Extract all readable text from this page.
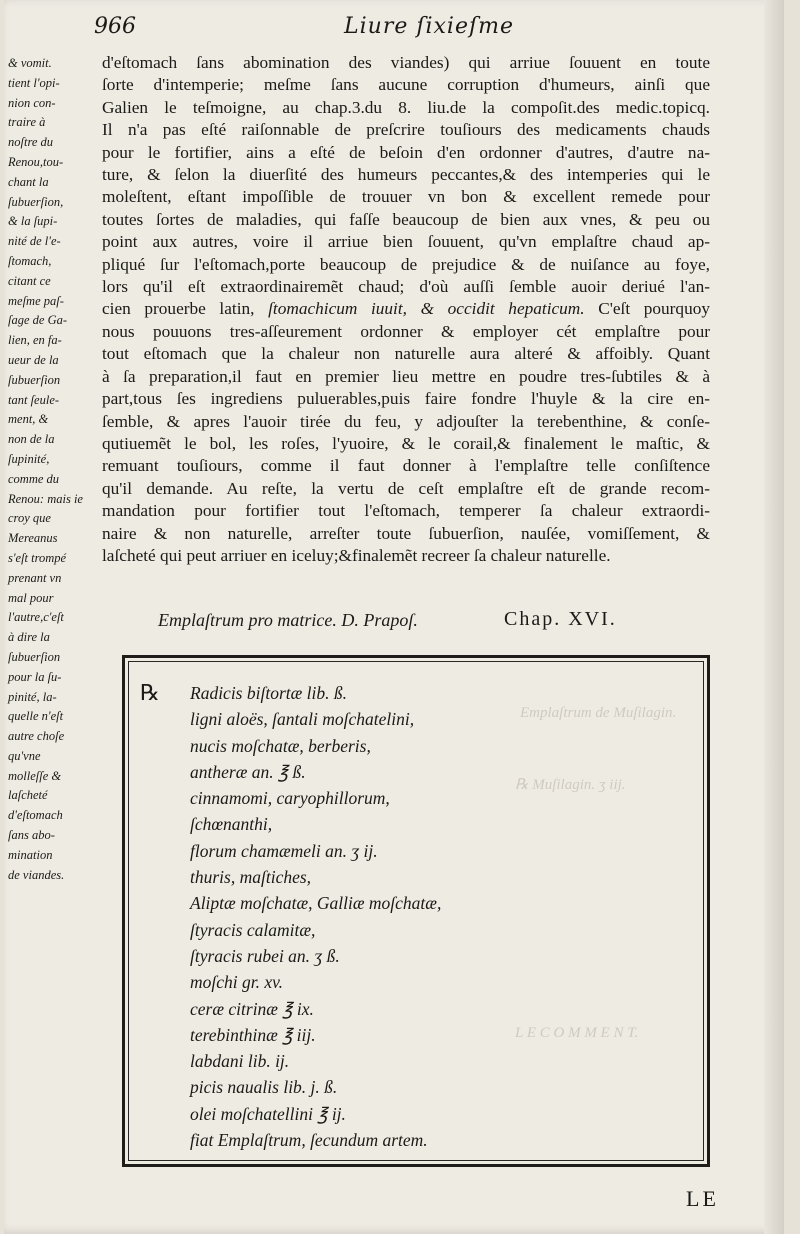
966	Liure ſixieſme
& vomit.
tient l'opi-
nion con-
traire à
noſtre du
Renou,tou-
chant la
ſubuerſion,
& la ſupi-
nité de l'e-
ſtomach,
citant ce
meſme paſ-
ſage de Ga-
lien, en fa-
ueur de la
ſubuerſion
tant ſeule-
ment, &
non de la
ſupinité,
comme du
Renou: mais ie
croy que
Mereanus
s'eſt trompé
prenant vn
mal pour
l'autre,c'eſt
à dire la
ſubuerſion
pour la ſu-
pinité, la-
quelle n'eſt
autre choſe
qu'vne
molleſſe &
laſcheté
d'eſtomach
ſans abo-
mination
de viandes.
d'eſtomach ſans abomination des viandes) qui arriue ſouuent en toute
ſorte d'intemperie; meſme ſans aucune corruption d'humeurs, ainſi que
Galien le teſmoigne, au chap.3.du 8. liu.de la compoſit.des medic.topicq.
Il n'a pas eſté raiſonnable de preſcrire touſiours des medicaments chauds
pour le fortifier, ains a eſté de beſoin d'en ordonner d'autres, d'autre na-
ture, & ſelon la diuerſité des humeurs peccantes,& des intemperies qui le
moleſtent, eſtant impoſſible de trouuer vn bon & excellent remede pour
toutes ſortes de maladies, qui faſſe beaucoup de bien aux vnes, & peu ou
point aux autres, voire il arriue bien ſouuent, qu'vn emplaſtre chaud ap-
pliqué ſur l'eſtomach,porte beaucoup de prejudice & de nuiſance au foye,
lors qu'il eſt extraordinairemẽt chaud; d'où auſſi ſemble auoir deriué l'an-
cien prouerbe latin, ſtomachicum iuuit, & occidit hepaticum. C'eſt pourquoy
nous pouuons tres-aſſeurement ordonner & employer cét emplaſtre pour
tout eſtomach que la chaleur non naturelle aura alteré & affoibly. Quant
à ſa preparation,il faut en premier lieu mettre en poudre tres-ſubtiles & à
part,tous ſes ingrediens puluerables,puis faire fondre l'huyle & la cire en-
ſemble, & apres l'auoir tirée du feu, y adjouſter la terebenthine, & conſe-
qutiuemẽt le bol, les roſes, l'yuoire, & le corail,& finalement le maſtic, &
remuant touſiours, comme il faut donner à l'emplaſtre telle conſiſtence
qu'il demande. Au reſte, la vertu de ceſt emplaſtre eſt de grande recom-
mandation pour fortifier tout l'eſtomach, temperer ſa chaleur extraordi-
naire & non naturelle, arreſter toute ſubuerſion, nauſée, vomiſſement, &
laſcheté qui peut arriuer en iceluy;&finalemẽt recreer ſa chaleur naturelle.
Emplaſtrum pro matrice. D. Prapoſ.	Chap. XVI.
℞	Radicis biſtortæ lib. ß.
ligni aloës, ſantali moſchatelini,
nucis moſchatæ, berberis,
antheræ an. ℥ ß.
cinnamomi, caryophillorum,
ſchœnanthi,
florum chamæmeli an. ʒ ij.
thuris, maſtiches,
Aliptæ moſchatæ, Galliæ moſchatæ,
ſtyracis calamitæ,
ſtyracis rubei an. ʒ ß.
moſchi gr. xv.
ceræ citrinæ ℥ ix.
terebinthinæ ℥ iij.
labdani lib. ij.
picis naualis lib. j. ß.
olei moſchatellini ℥ ij.
fiat Emplaſtrum, ſecundum artem.
Emplaſtrum de Muſilagin.
℞ Muſilagin. ʒ iij.
L E C O M M E N T.
LE
